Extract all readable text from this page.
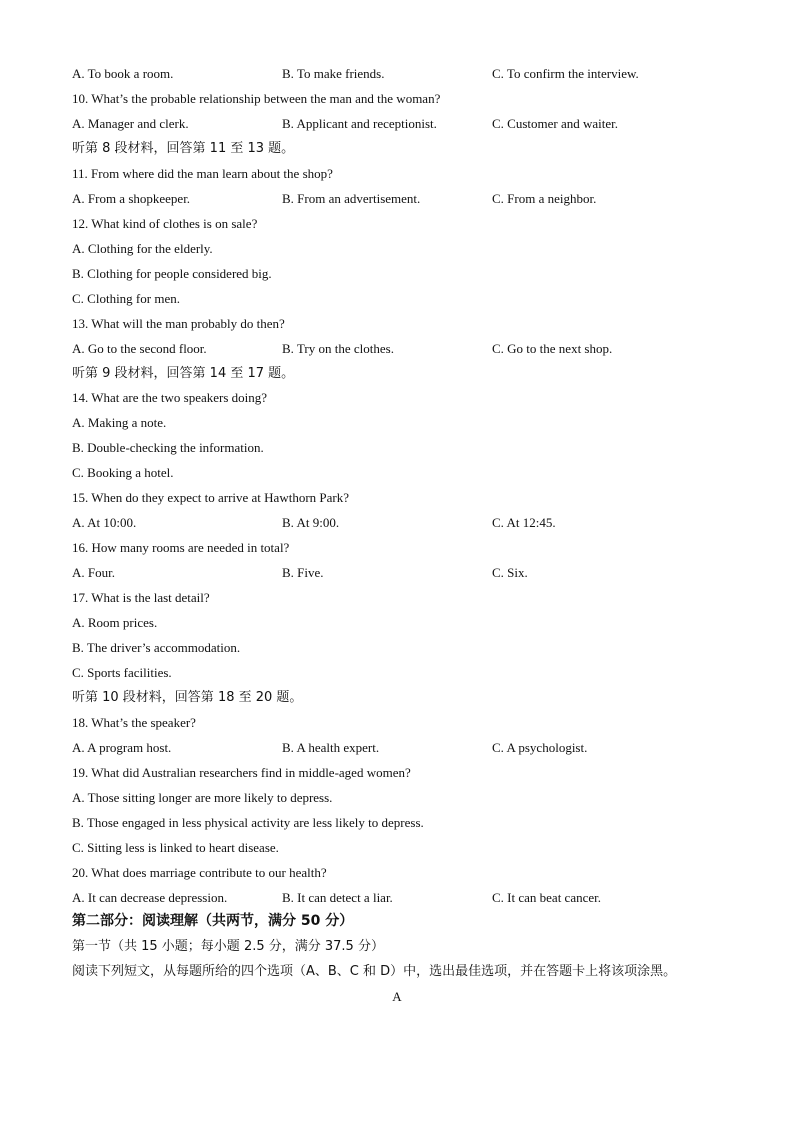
A. To book a room.	B. To make friends.	C. To confirm the interview.
10. What’s the probable relationship between the man and the woman?
A. Manager and clerk.	B. Applicant and receptionist.	C. Customer and waiter.
听第 8 段材料，回答第 11 至 13 题。
11. From where did the man learn about the shop?
A. From a shopkeeper.	B. From an advertisement.	C. From a neighbor.
12. What kind of clothes is on sale?
A. Clothing for the elderly.
B. Clothing for people considered big.
C. Clothing for men.
13. What will the man probably do then?
A. Go to the second floor.	B. Try on the clothes.	C. Go to the next shop.
听第 9 段材料，回答第 14 至 17 题。
14. What are the two speakers doing?
A. Making a note.
B. Double-checking the information.
C. Booking a hotel.
15. When do they expect to arrive at Hawthorn Park?
A. At 10:00.	B. At 9:00.	C. At 12:45.
16. How many rooms are needed in total?
A. Four.	B. Five.	C. Six.
17. What is the last detail?
A. Room prices.
B. The driver’s accommodation.
C. Sports facilities.
听第 10 段材料，回答第 18 至 20 题。
18. What’s the speaker?
A. A program host.	B. A health expert.	C. A psychologist.
19. What did Australian researchers find in middle-aged women?
A. Those sitting longer are more likely to depress.
B. Those engaged in less physical activity are less likely to depress.
C. Sitting less is linked to heart disease.
20. What does marriage contribute to our health?
A. It can decrease depression.	B. It can detect a liar.	C. It can beat cancer.
第二部分：阅读理解（共两节，满分 50 分）
第一节（共 15 小题；每小题 2.5 分，满分 37.5 分）
阅读下列短文，从每题所给的四个选项（A、B、C 和 D）中，选出最佳选项，并在答题卡上将该项涂黑。
A
